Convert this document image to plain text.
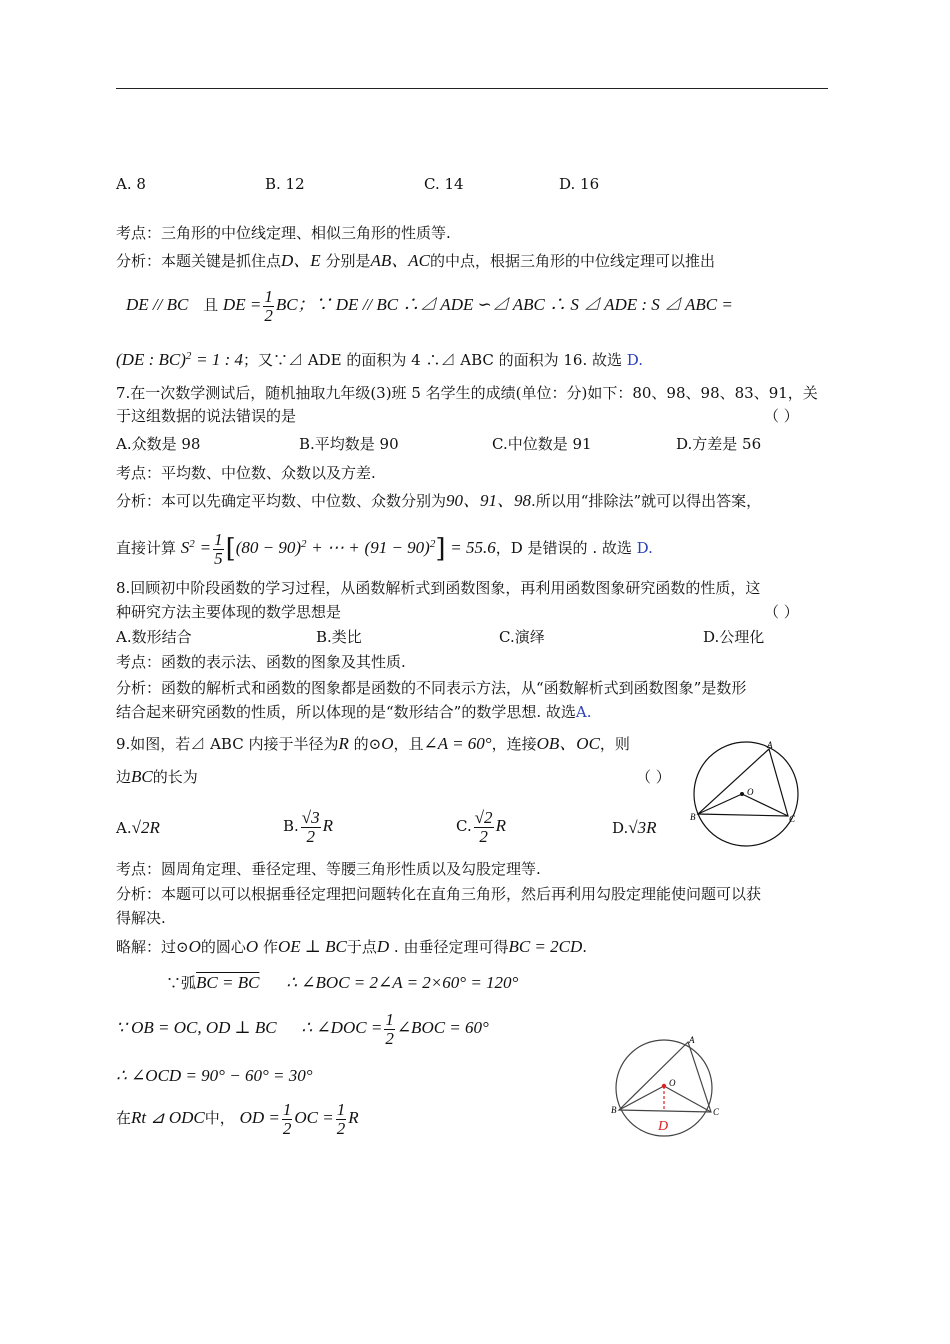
A. 8	B. 12	C. 14	D. 16
考点：三角形的中位线定理、相似三角形的性质等.
分析：本题关键是抓住点D、E 分别是AB、AC的中点，根据三角形的中位线定理可以推出
DE // BC 且 DE = $\frac{1}{2}$ BC；∵ DE // BC ∴⊿ ADE ∽⊿ ABC ∴ S ⊿ ADE : S ⊿ ABC =
(DE : BC)$^2$ = 1 : 4；又∵⊿ ADE 的面积为 4 ∴⊿ ABC 的面积为 16. 故选 D.
7.在一次数学测试后，随机抽取九年级(3)班 5 名学生的成绩(单位：分)如下：80、98、98、83、91，关
于这组数据的说法错误的是	（ ）
A.众数是 98	B.平均数是 90	C.中位数是 91	D.方差是 56
考点：平均数、中位数、众数以及方差.
分析：本可以先确定平均数、中位数、众数分别为90、91、98.所以用“排除法”就可以得出答案，
直接计算 $S^2 = \frac{1}{5} [(80 - 90)^2$ + ⋯ + $(91 - 90)^2] = 55.6$，D 是错误的 . 故选 D.
8.回顾初中阶段函数的学习过程，从函数解析式到函数图象，再利用函数图象研究函数的性质，这
种研究方法主要体现的数学思想是	（ ）
A.数形结合	B.类比	C.演绎	D.公理化
考点：函数的表示法、函数的图象及其性质.
分析：函数的解析式和函数的图象都是函数的不同表示方法，从“函数解析式到函数图象”是数形
结合起来研究函数的性质，所以体现的是“数形结合”的数学思想. 故选A.
9.如图，若⊿ ABC 内接于半径为R 的⊙O，且∠A = 60°，连接OB、OC，则
边BC的长为	（ ）
A.√2R	B. $\frac{√3}{2}$ R	C. $\frac{√2}{2}$ R	D.√3R
考点：圆周角定理、垂径定理、等腰三角形性质以及勾股定理等.
分析：本题可以可以根据垂径定理把问题转化在直角三角形，然后再利用勾股定理能使问题可以获
得解决.
略解：过⊙O的圆心O 作OE ⊥ BC于点D . 由垂径定理可得BC = 2CD.
∵弧BC = BC ∴ ∠BOC = 2∠A = 2×60° = 120°
∵ OB = OC, OD ⊥ BC ∴ ∠DOC = $\frac{1}{2}$ ∠BOC = 60°
∴ ∠OCD = 90° − 60° = 30°
在Rt ⊿ ODC中， OD = $\frac{1}{2}$ OC = $\frac{1}{2}$ R
A
B	C
O
A
B	C
O
D
